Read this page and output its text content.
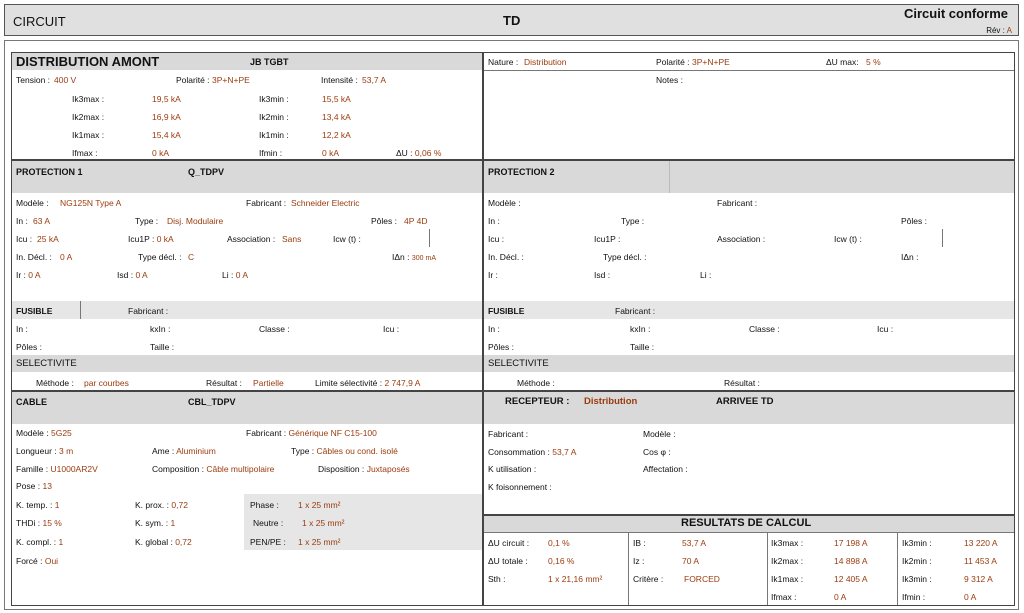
CIRCUIT	TD	Circuit conforme
Rév : A
DISTRIBUTION AMONT	JB TGBT
Tension : 400 V	Polarité : 3P+N+PE	Intensité : 53,7 A
Ik3max :	19,5 kA	Ik3min :	15,5 kA
Ik2max :	16,9 kA	Ik2min :	13,4 kA
Ik1max :	15,4 kA	Ik1min :	12,2 kA
Ifmax :	0 kA	Ifmin :	0 kA	ΔU : 0,06 %
Nature : Distribution	Polarité : 3P+N+PE	ΔU max: 5 %
Notes :
PROTECTION 1	Q_TDPV
Modèle : NG125N Type A	Fabricant : Schneider Electric
In : 63 A	Type : Disj. Modulaire	Pôles : 4P 4D
Icu : 25 kA	Icu1P : 0 kA	Association : Sans	Icw (t) :
In. Décl. : 0 A	Type décl. : C	IΔn : 300 mA
Ir : 0 A	Isd : 0 A	Li : 0 A
FUSIBLE	Fabricant :
In :	kxIn :	Classe :	Icu :
Pôles :	Taille :
SELECTIVITE
Méthode : par courbes	Résultat : Partielle	Limite sélectivité : 2 747,9 A
PROTECTION 2
Modèle :	Fabricant :
In :	Type :	Pôles :
Icu :	Icu1P :	Association :	Icw (t) :
In. Décl. :	Type décl. :	IΔn :
Ir :	Isd :	Li :
FUSIBLE	Fabricant :
In :	kxIn :	Classe :	Icu :
Pôles :	Taille :
SELECTIVITE
Méthode :	Résultat :
CABLE	CBL_TDPV
Modèle : 5G25	Fabricant : Générique NF C15-100
Longueur : 3 m	Ame : Aluminium	Type : Câbles ou cond. isolé
Famille : U1000AR2V	Composition : Câble multipolaire	Disposition : Juxtaposés
Pose : 13
K. temp. : 1	K. prox. : 0,72	Phase : 1 x 25 mm²
THDi : 15 %	K. sym. : 1	Neutre : 1 x 25 mm²
K. compl. : 1	K. global : 0,72	PEN/PE : 1 x 25 mm²
Forcé : Oui
RECEPTEUR : Distribution	ARRIVEE TD
Fabricant :	Modèle :
Consommation : 53,7 A	Cos φ :
K utilisation :	Affectation :
K foisonnement :
RESULTATS DE CALCUL
ΔU circuit : 0,1 %	IB :	53,7 A	Ik3max :	17 198 A	Ik3min :	13 220 A
ΔU totale : 0,16 %	Iz :	70 A	Ik2max :	14 898 A	Ik2min :	11 453 A
Sth :	1 x 21,16 mm²	Critère : FORCED	Ik1max :	12 405 A	Ik3min :	9 312 A
Ifmax :	0 A	Ifmin :	0 A
